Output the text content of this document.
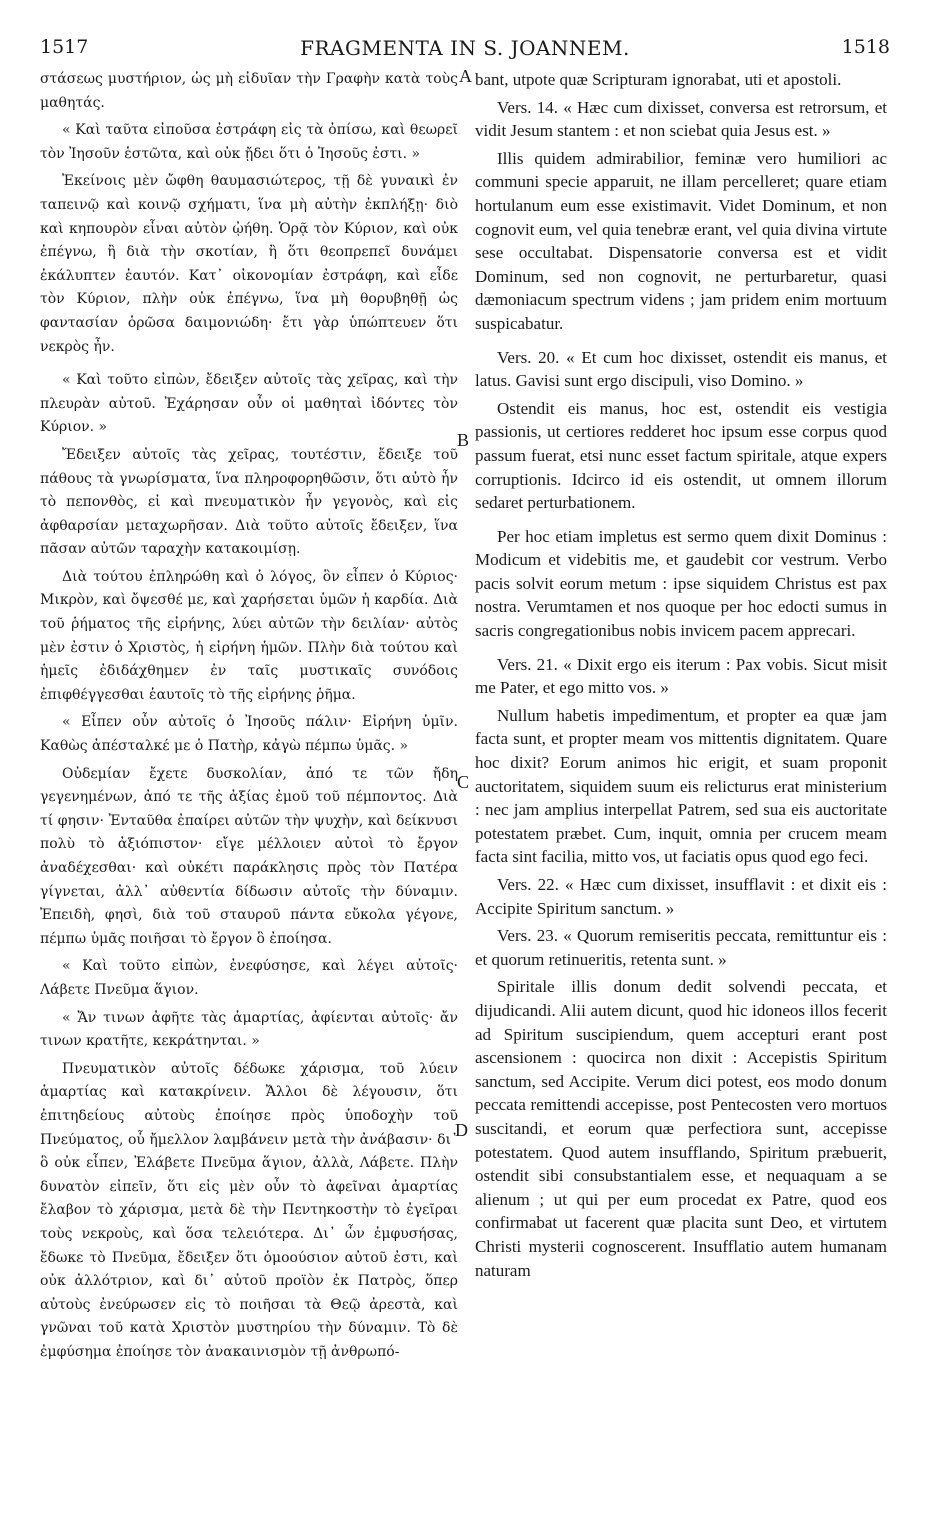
1517	FRAGMENTA IN S. JOANNEM.	1518
A
B
C
D

στάσεως μυστήριον, ὡς μὴ εἰδυῖαν τὴν Γραφὴν κατὰ τοὺς μαθητάς.

« Καὶ ταῦτα εἰποῦσα ἐστράφη εἰς τὰ ὀπίσω, καὶ θεωρεῖ τὸν Ἰησοῦν ἑστῶτα, καὶ οὐκ ᾔδει ὅτι ὁ Ἰησοῦς ἐστι. »

Ἐκείνοις μὲν ὤφθη θαυμασιώτερος, τῇ δὲ γυναικὶ ἐν ταπεινῷ καὶ κοινῷ σχήματι, ἵνα μὴ αὐτὴν ἐκπλήξῃ· διὸ καὶ κηπουρὸν εἶναι αὐτὸν ᾠήθη. Ὁρᾷ τὸν Κύριον, καὶ οὐκ ἐπέγνω, ἢ διὰ τὴν σκοτίαν, ἢ ὅτι θεοπρεπεῖ δυνάμει ἐκάλυπτεν ἑαυτόν. Κατ᾽ οἰκονομίαν ἐστράφη, καὶ εἶδε τὸν Κύριον, πλὴν οὐκ ἐπέγνω, ἵνα μὴ θορυβηθῇ ὡς φαντασίαν ὁρῶσα δαιμονιώδη· ἔτι γὰρ ὑπώπτευεν ὅτι νεκρὸς ἦν.

« Καὶ τοῦτο εἰπὼν, ἔδειξεν αὐτοῖς τὰς χεῖρας, καὶ τὴν πλευρὰν αὐτοῦ. Ἐχάρησαν οὖν οἱ μαθηταὶ ἰδόντες τὸν Κύριον. »

Ἔδειξεν αὐτοῖς τὰς χεῖρας, τουτέστιν, ἔδειξε τοῦ πάθους τὰ γνωρίσματα, ἵνα πληροφορηθῶσιν, ὅτι αὐτὸ ἦν τὸ πεπονθὸς, εἰ καὶ πνευματικὸν ἦν γεγονὸς, καὶ εἰς ἀφθαρσίαν μεταχωρῆσαν. Διὰ τοῦτο αὐτοῖς ἔδειξεν, ἵνα πᾶσαν αὐτῶν ταραχὴν κατακοιμίσῃ.

Διὰ τούτου ἐπληρώθη καὶ ὁ λόγος, ὃν εἶπεν ὁ Κύριος· Μικρὸν, καὶ ὄψεσθέ με, καὶ χαρήσεται ὑμῶν ἡ καρδία. Διὰ τοῦ ῥήματος τῆς εἰρήνης, λύει αὐτῶν τὴν δειλίαν· αὐτὸς μὲν ἐστιν ὁ Χριστὸς, ἡ εἰρήνη ἡμῶν. Πλὴν διὰ τούτου καὶ ἡμεῖς ἐδιδάχθημεν ἐν ταῖς μυστικαῖς συνόδοις ἐπιφθέγγεσθαι ἑαυτοῖς τὸ τῆς εἰρήνης ῥῆμα.

« Εἶπεν οὖν αὐτοῖς ὁ Ἰησοῦς πάλιν· Εἰρήνη ὑμῖν. Καθὼς ἀπέσταλκέ με ὁ Πατὴρ, κἀγὼ πέμπω ὑμᾶς. »

Οὐδεμίαν ἔχετε δυσκολίαν, ἀπό τε τῶν ἤδη γεγενημένων, ἀπό τε τῆς ἀξίας ἐμοῦ τοῦ πέμποντος. Διὰ τί φησιν· Ἐνταῦθα ἐπαίρει αὐτῶν τὴν ψυχὴν, καὶ δείκνυσι πολὺ τὸ ἀξιόπιστον· εἴγε μέλλοιεν αὐτοὶ τὸ ἔργον ἀναδέχεσθαι· καὶ οὐκέτι παράκλησις πρὸς τὸν Πατέρα γίγνεται, ἀλλ᾽ αὐθεντία δίδωσιν αὐτοῖς τὴν δύναμιν. Ἐπειδὴ, φησὶ, διὰ τοῦ σταυροῦ πάντα εὔκολα γέγονε, πέμπω ὑμᾶς ποιῆσαι τὸ ἔργον ὃ ἐποίησα.

« Καὶ τοῦτο εἰπὼν, ἐνεφύσησε, καὶ λέγει αὐτοῖς· Λάβετε Πνεῦμα ἅγιον.

« Ἄν τινων ἀφῆτε τὰς ἁμαρτίας, ἀφίενται αὐτοῖς· ἄν τινων κρατῆτε, κεκράτηνται. »

Πνευματικὸν αὐτοῖς δέδωκε χάρισμα, τοῦ λύειν ἁμαρτίας καὶ κατακρίνειν. Ἄλλοι δὲ λέγουσιν, ὅτι ἐπιτηδείους αὐτοὺς ἐποίησε πρὸς ὑποδοχὴν τοῦ Πνεύματος, οὗ ἤμελλον λαμβάνειν μετὰ τὴν ἀνάβασιν· δι᾽ ὃ οὐκ εἶπεν, Ἐλάβετε Πνεῦμα ἅγιον, ἀλλὰ, Λάβετε. Πλὴν δυνατὸν εἰπεῖν, ὅτι εἰς μὲν οὖν τὸ ἀφεῖναι ἁμαρτίας ἔλαβον τὸ χάρισμα, μετὰ δὲ τὴν Πεντηκοστὴν τὸ ἐγεῖραι τοὺς νεκροὺς, καὶ ὅσα τελειότερα. Δι᾽ ὧν ἐμφυσήσας, ἔδωκε τὸ Πνεῦμα, ἔδειξεν ὅτι ὁμοούσιον αὐτοῦ ἐστι, καὶ οὐκ ἀλλότριον, καὶ δι᾽ αὐτοῦ προϊὸν ἐκ Πατρὸς, ὅπερ αὐτοὺς ἐνεύρωσεν εἰς τὸ ποιῆσαι τὰ Θεῷ ἀρεστὰ, καὶ γνῶναι τοῦ κατὰ Χριστὸν μυστηρίου τὴν δύναμιν. Τὸ δὲ ἐμφύσημα ἐποίησε τὸν ἀνακαινισμὸν τῇ ἀνθρωπό-

bant, utpote quæ Scripturam ignorabat, uti et apostoli.

Vers. 14. « Hæc cum dixisset, conversa est retrorsum, et vidit Jesum stantem : et non sciebat quia Jesus est. »

Illis quidem admirabilior, feminæ vero humiliori ac communi specie apparuit, ne illam percelleret; quare etiam hortulanum eum esse existimavit. Videt Dominum, et non cognovit eum, vel quia tenebræ erant, vel quia divina virtute sese occultabat. Dispensatorie conversa est et vidit Dominum, sed non cognovit, ne perturbaretur, quasi dæmoniacum spectrum videns ; jam pridem enim mortuum suspicabatur.

Vers. 20. « Et cum hoc dixisset, ostendit eis manus, et latus. Gavisi sunt ergo discipuli, viso Domino. »

Ostendit eis manus, hoc est, ostendit eis vestigia passionis, ut certiores redderet hoc ipsum esse corpus quod passum fuerat, etsi nunc esset factum spiritale, atque expers corruptionis. Idcirco id eis ostendit, ut omnem illorum sedaret perturbationem.

Per hoc etiam impletus est sermo quem dixit Dominus : Modicum et videbitis me, et gaudebit cor vestrum. Verbo pacis solvit eorum metum : ipse siquidem Christus est pax nostra. Verumtamen et nos quoque per hoc edocti sumus in sacris congregationibus nobis invicem pacem apprecari.

Vers. 21. « Dixit ergo eis iterum : Pax vobis. Sicut misit me Pater, et ego mitto vos. »

Nullum habetis impedimentum, et propter ea quæ jam facta sunt, et propter meam vos mittentis dignitatem. Quare hoc dixit? Eorum animos hic erigit, et suam proponit auctoritatem, siquidem suum eis relicturus erat ministerium : nec jam amplius interpellat Patrem, sed sua eis auctoritate potestatem præbet. Cum, inquit, omnia per crucem meam facta sint facilia, mitto vos, ut faciatis opus quod ego feci.

Vers. 22. « Hæc cum dixisset, insufflavit : et dixit eis : Accipite Spiritum sanctum. »

Vers. 23. « Quorum remiseritis peccata, remittuntur eis : et quorum retinueritis, retenta sunt. »

Spiritale illis donum dedit solvendi peccata, et dijudicandi. Alii autem dicunt, quod hic idoneos illos fecerit ad Spiritum suscipiendum, quem accepturi erant post ascensionem : quocirca non dixit : Accepistis Spiritum sanctum, sed Accipite. Verum dici potest, eos modo donum peccata remittendi accepisse, post Pentecosten vero mortuos suscitandi, et eorum quæ perfectiora sunt, accepisse potestatem. Quod autem insufflando, Spiritum præbuerit, ostendit sibi consubstantialem esse, et nequaquam a se alienum ; ut qui per eum procedat ex Patre, quod eos confirmabat ut facerent quæ placita sunt Deo, et virtutem Christi mysterii cognoscerent. Insufflatio autem humanam naturam
